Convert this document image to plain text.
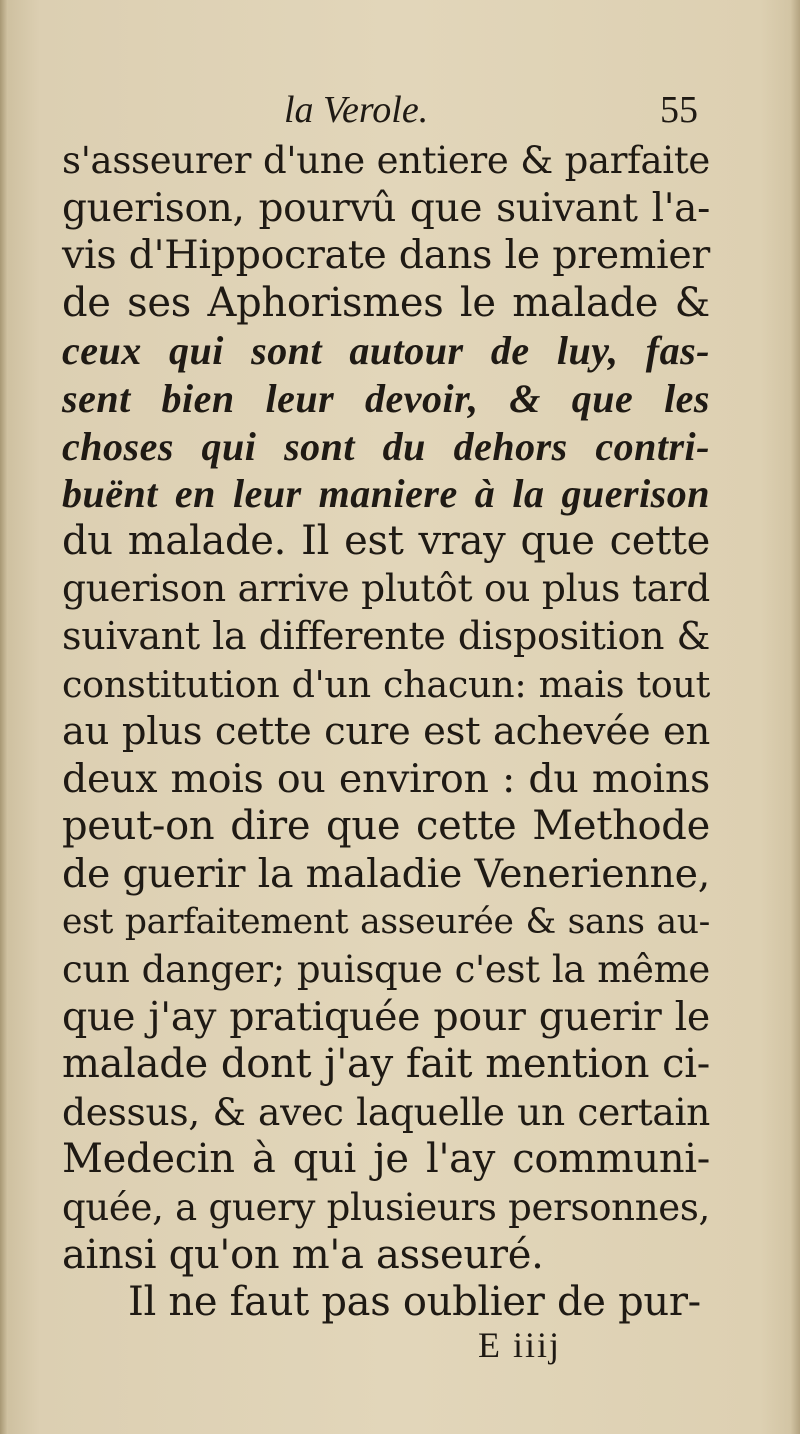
la Verole.	55
s'asseurer d'une entiere & parfaite
guerison, pourvû que suivant l'a-
vis d'Hippocrate dans le premier
de ses Aphorismes le malade &
ceux qui sont autour de luy, fas-
sent bien leur devoir, & que les
choses qui sont du dehors contri-
buënt en leur maniere à la guerison
du malade. Il est vray que cette
guerison arrive plutôt ou plus tard
suivant la differente disposition &
constitution d'un chacun: mais tout
au plus cette cure est achevée en
deux mois ou environ : du moins
peut-on dire que cette Methode
de guerir la maladie Venerienne,
est parfaitement asseurée & sans au-
cun danger; puisque c'est la même
que j'ay pratiquée pour guerir le
malade dont j'ay fait mention ci-
dessus, & avec laquelle un certain
Medecin à qui je l'ay communi-
quée, a guery plusieurs personnes,
ainsi qu'on m'a asseuré.
Il ne faut pas oublier de pur-
E iiij
